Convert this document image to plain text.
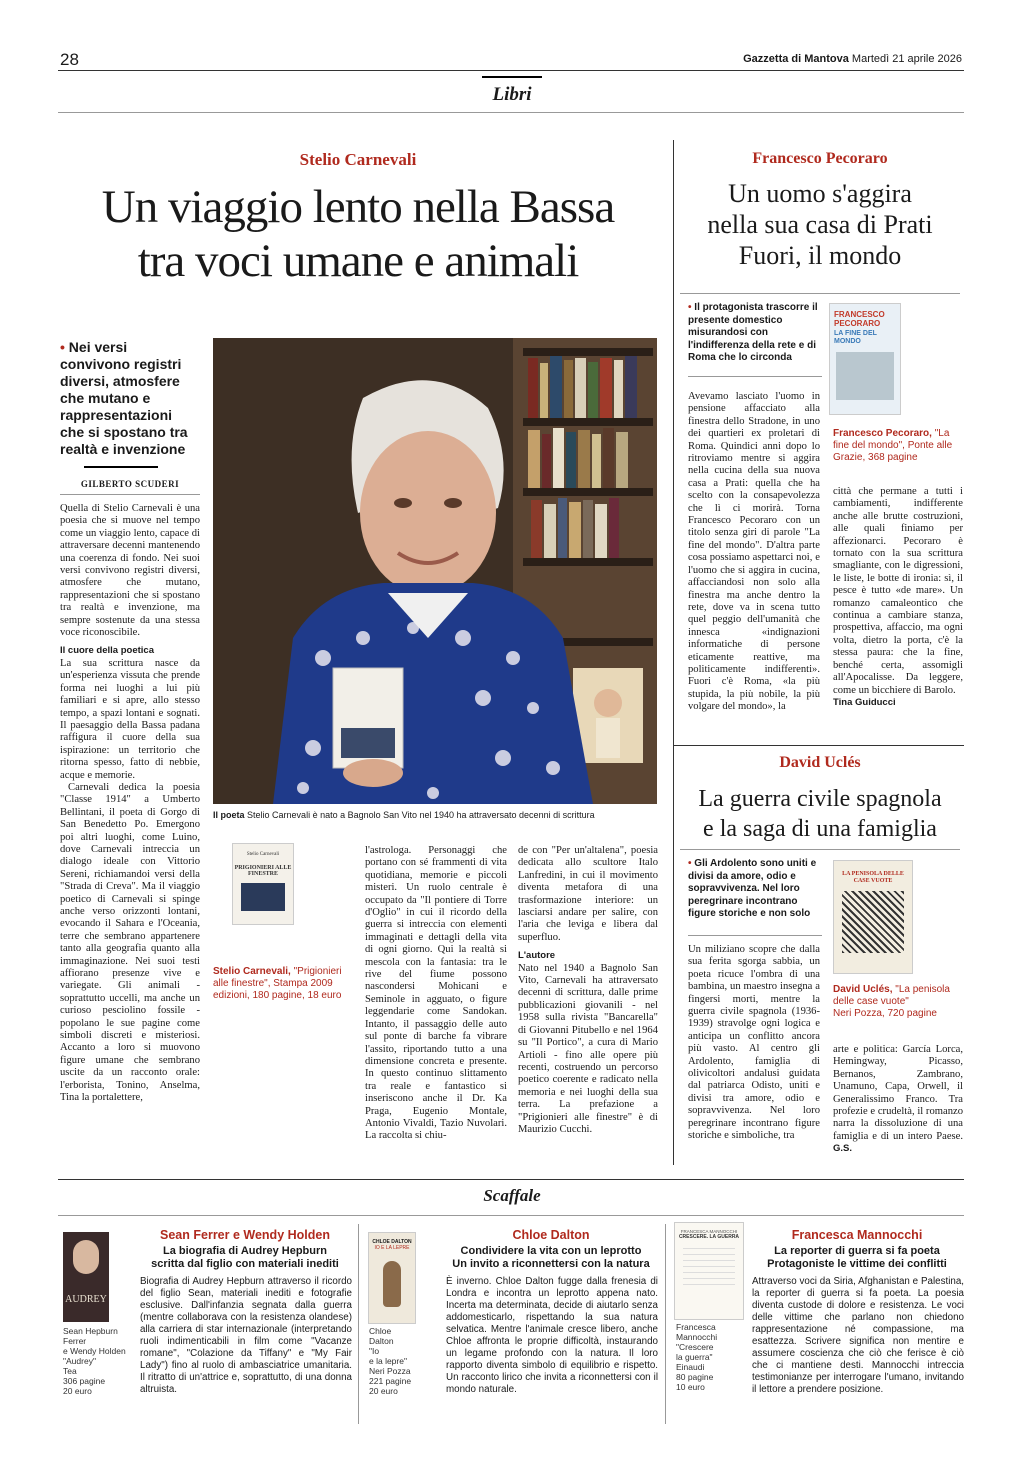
28	Gazzetta di Mantova Martedì 21 aprile 2026
Libri
Stelio Carnevali
Un viaggio lento nella Bassa
tra voci umane e animali
• Nei versi convivono registri diversi, atmosfere che mutano e rappresentazioni che si spostano tra realtà e invenzione
GILBERTO SCUDERI

Quella di Stelio Carnevali è una poesia che si muove nel tempo come un viaggio lento, capace di attraversare decenni mantenendo una coerenza di fondo. Nei suoi versi convivono registri diversi, atmosfere che mutano, rappresentazioni che si spostano tra realtà e invenzione, ma sempre sostenute da una stessa voce riconoscibile.

Il cuore della poetica

La sua scrittura nasce da un'esperienza vissuta che prende forma nei luoghi a lui più familiari e si apre, allo stesso tempo, a spazi lontani e sognati. Il paesaggio della Bassa padana raffigura il cuore della sua ispirazione: un territorio che ritorna spesso, fatto di nebbie, acque e memorie.

Carnevali dedica la poesia "Classe 1914" a Umberto Bellintani, il poeta di Gorgo di San Benedetto Po. Emergono poi altri luoghi, come Luino, dove Carnevali intreccia un dialogo ideale con Vittorio Sereni, richiamandoi versi della "Strada di Creva". Ma il viaggio poetico di Carnevali si spinge anche verso orizzonti lontani, evocando il Sahara e l'Oceania, terre che sembrano appartenere tanto alla geografia quanto alla immaginazione. Nei suoi testi affiorano presenze vive e variegate. Gli animali - soprattutto uccelli, ma anche un curioso pesciolino fossile - popolano le sue pagine come simboli discreti e misteriosi. Accanto a loro si muovono figure umane che sembrano uscite da un racconto orale: l'erborista, Tonino, Anselma, Tina la portalettere,

Il poeta Stelio Carnevali è nato a Bagnolo San Vito nel 1940 ha attraversato decenni di scrittura
Stelio Carnevali
PRIGIONIERI ALLE FINESTRE
Stelio Carnevali, "Prigionieri alle finestre", Stampa 2009 edizioni, 180 pagine, 18 euro

l'astrologa. Personaggi che portano con sé frammenti di vita quotidiana, memorie e piccoli misteri. Un ruolo centrale è occupato da "Il pontiere di Torre d'Oglio" in cui il ricordo della guerra si intreccia con elementi immaginati e dettagli della vita di ogni giorno. Qui la realtà si mescola con la fantasia: tra le rive del fiume possono nascondersi Mohicani e Seminole in agguato, o figure leggendarie come Sandokan. Intanto, il passaggio delle auto sul ponte di barche fa vibrare l'assito, riportando tutto a una dimensione concreta e presente. In questo continuo slittamento tra reale e fantastico si inseriscono anche il Dr. Ka Praga, Eugenio Montale, Antonio Vivaldi, Tazio Nuvolari. La raccolta si chiu-

de con "Per un'altalena", poesia dedicata allo scultore Italo Lanfredini, in cui il movimento diventa metafora di una trasformazione interiore: un lasciarsi andare per salire, con l'aria che leviga e libera dal superfluo.

L'autore

Nato nel 1940 a Bagnolo San Vito, Carnevali ha attraversato decenni di scrittura, dalle prime pubblicazioni giovanili - nel 1958 sulla rivista "Bancarella" di Giovanni Pitubello e nel 1964 su "Il Portico", a cura di Mario Artioli - fino alle opere più recenti, costruendo un percorso poetico coerente e radicato nella memoria e nei luoghi della sua terra. La prefazione a "Prigionieri alle finestre" è di Maurizio Cucchi.

Francesco Pecoraro
Un uomo s'aggira
nella sua casa di Prati
Fuori, il mondo
• Il protagonista trascorre il presente domestico misurandosi con l'indifferenza della rete e di Roma che lo circonda
FRANCESCO PECORARO
LA FINE DEL MONDO
Francesco Pecoraro, "La fine del mondo", Ponte alle Grazie, 368 pagine

Avevamo lasciato l'uomo in pensione affacciato alla finestra dello Stradone, in uno dei quartieri ex proletari di Roma. Quindici anni dopo lo ritroviamo mentre si aggira nella cucina della sua nuova casa a Prati: quella che ha scelto con la consapevolezza che lì ci morirà. Torna Francesco Pecoraro con un titolo senza giri di parole "La fine del mondo". D'altra parte cosa possiamo aspettarci noi, e l'uomo che si aggira in cucina, affacciandosi non solo alla finestra ma anche dentro la rete, dove va in scena tutto quel peggio dell'umanità che innesca «indignazioni informatiche di persone eticamente reattive, ma politicamente indifferenti». Fuori c'è Roma, «la più stupida, la più nobile, la più volgare del mondo», la

città che permane a tutti i cambiamenti, indifferente anche alle brutte costruzioni, alle quali finiamo per affezionarci. Pecoraro è tornato con la sua scrittura smagliante, con le digressioni, le liste, le botte di ironia: sì, il pesce è tutto «de mare». Un romanzo camaleontico che continua a cambiare stanza, prospettiva, affaccio, ma ogni volta, dietro la porta, c'è la stessa paura: che la fine, benché certa, assomigli all'Apocalisse. Da leggere, come un bicchiere di Barolo.

Tina Guiducci

David Uclés
La guerra civile spagnola
e la saga di una famiglia
• Gli Ardolento sono uniti e divisi da amore, odio e sopravvivenza. Nel loro peregrinare incontrano figure storiche e non solo
LA PENISOLA DELLE CASE VUOTE
David Uclés, "La penisola delle case vuote"
Neri Pozza, 720 pagine

Un miliziano scopre che dalla sua ferita sgorga sabbia, un poeta ricuce l'ombra di una bambina, un maestro insegna a fingersi morti, mentre la guerra civile spagnola (1936-1939) stravolge ogni logica e anticipa un conflitto ancora più vasto. Al centro gli Ardolento, famiglia di olivicoltori andalusi guidata dal patriarca Odisto, uniti e divisi tra amore, odio e sopravvivenza. Nel loro peregrinare incontrano figure storiche e simboliche, tra

arte e politica: García Lorca, Hemingway, Picasso, Bernanos, Zambrano, Unamuno, Capa, Orwell, il Generalissimo Franco. Tra profezie e crudeltà, il romanzo narra la dissoluzione di una famiglia e di un intero Paese. G.S.

Scaffale
AUDREY
Sean Hepburn
Ferrer
e Wendy Holden
"Audrey"
Tea
306 pagine
20 euro
Sean Ferrer e Wendy Holden
La biografia di Audrey Hepburn
scritta dal figlio con materiali inediti
Biografia di Audrey Hepburn attraverso il ricordo del figlio Sean, materiali inediti e fotografie esclusive. Dall'infanzia segnata dalla guerra (mentre collaborava con la resistenza olandese) alla carriera di star internazionale (interpretando ruoli indimenticabili in film come "Vacanze romane", "Colazione da Tiffany" e "My Fair Lady") fino al ruolo di ambasciatrice umanitaria. Il ritratto di un'attrice e, soprattutto, di una donna altruista.
CHLOE DALTON
IO E LA LEPRE
Chloe
Dalton
"Io
e la lepre"
Neri Pozza
221 pagine
20 euro
Chloe Dalton
Condividere la vita con un leprotto
Un invito a riconnettersi con la natura
È inverno. Chloe Dalton fugge dalla frenesia di Londra e incontra un leprotto appena nato. Incerta ma determinata, decide di aiutarlo senza addomesticarlo, rispettando la sua natura selvatica. Mentre l'animale cresce libero, anche Chloe affronta le proprie difficoltà, instaurando un legame profondo con la natura. Il loro rapporto diventa simbolo di equilibrio e rispetto. Un racconto lirico che invita a riconnettersi con il mondo naturale.
FRANCESCA MANNOCCHI
CRESCERE. LA GUERRA
Francesca
Mannocchi
"Crescere
la guerra"
Einaudi
80 pagine
10 euro
Francesca Mannocchi
La reporter di guerra si fa poeta
Protagoniste le vittime dei conflitti
Attraverso voci da Siria, Afghanistan e Palestina, la reporter di guerra si fa poeta. La poesia diventa custode di dolore e resistenza. Le voci delle vittime che parlano non chiedono rappresentazione né compassione, ma esattezza. Scrivere significa non mentire e assumere coscienza che ciò che ferisce è ciò che ci mantiene desti. Mannocchi intreccia testimonianze per interrogare l'umano, invitando il lettore a prendere posizione.
